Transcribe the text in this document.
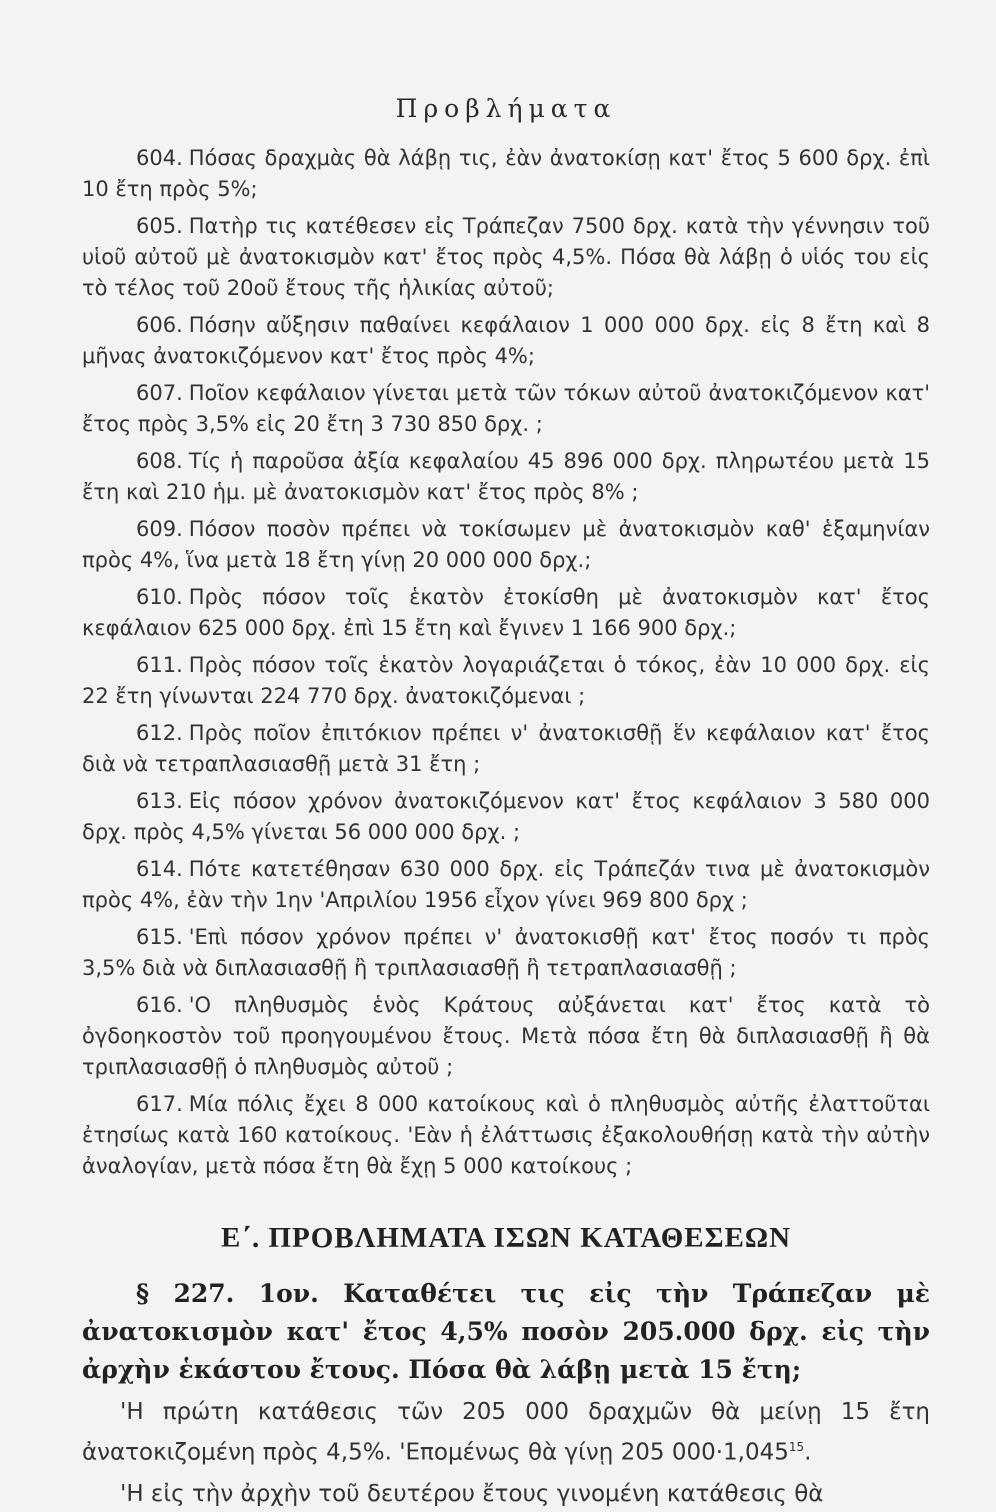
Προβλήματα

604. Πόσας δραχμὰς θὰ λάβῃ τις, ἐὰν ἀνατοκίσῃ κατ' ἔτος 5 600 δρχ. ἐπὶ 10 ἔτη πρὸς 5%;

605. Πατὴρ τις κατέθεσεν εἰς Τράπεζαν 7500 δρχ. κατὰ τὴν γέννησιν τοῦ υἱοῦ αὐτοῦ μὲ ἀνατοκισμὸν κατ' ἔτος πρὸς 4,5%. Πόσα θὰ λάβῃ ὁ υἱός του εἰς τὸ τέλος τοῦ 20οῦ ἔτους τῆς ἡλικίας αὐτοῦ;

606. Πόσην αὔξησιν παθαίνει κεφάλαιον 1 000 000 δρχ. εἰς 8 ἔτη καὶ 8 μῆνας ἀνατοκιζόμενον κατ' ἔτος πρὸς 4%;

607. Ποῖον κεφάλαιον γίνεται μετὰ τῶν τόκων αὐτοῦ ἀνατοκιζόμενον κατ' ἔτος πρὸς 3,5% εἰς 20 ἔτη 3 730 850 δρχ. ;

608. Τίς ἡ παροῦσα ἀξία κεφαλαίου 45 896 000 δρχ. πληρωτέου μετὰ 15 ἔτη καὶ 210 ἡμ. μὲ ἀνατοκισμὸν κατ' ἔτος πρὸς 8% ;

609. Πόσον ποσὸν πρέπει νὰ τοκίσωμεν μὲ ἀνατοκισμὸν καθ' ἑξαμηνίαν πρὸς 4%, ἵνα μετὰ 18 ἔτη γίνῃ 20 000 000 δρχ.;

610. Πρὸς πόσον τοῖς ἑκατὸν ἐτοκίσθη μὲ ἀνατοκισμὸν κατ' ἔτος κεφάλαιον 625 000 δρχ. ἐπὶ 15 ἔτη καὶ ἔγινεν 1 166 900 δρχ.;

611. Πρὸς πόσον τοῖς ἑκατὸν λογαριάζεται ὁ τόκος, ἐὰν 10 000 δρχ. εἰς 22 ἔτη γίνωνται 224 770 δρχ. ἀνατοκιζόμεναι ;

612. Πρὸς ποῖον ἐπιτόκιον πρέπει ν' ἀνατοκισθῇ ἕν κεφάλαιον κατ' ἔτος διὰ νὰ τετραπλασιασθῇ μετὰ 31 ἔτη ;

613. Εἰς πόσον χρόνον ἀνατοκιζόμενον κατ' ἔτος κεφάλαιον 3 580 000 δρχ. πρὸς 4,5% γίνεται 56 000 000 δρχ. ;

614. Πότε κατετέθησαν 630 000 δρχ. εἰς Τράπεζάν τινα μὲ ἀνατοκισμὸν πρὸς 4%, ἐὰν τὴν 1ην 'Απριλίου 1956 εἶχον γίνει 969 800 δρχ ;

615. 'Επὶ πόσον χρόνον πρέπει ν' ἀνατοκισθῇ κατ' ἔτος ποσόν τι πρὸς 3,5% διὰ νὰ διπλασιασθῇ ἢ τριπλασιασθῇ ἢ τετραπλασιασθῇ ;

616. 'Ο πληθυσμὸς ἑνὸς Κράτους αὐξάνεται κατ' ἔτος κατὰ τὸ ὀγδοηκοστὸν τοῦ προηγουμένου ἔτους. Μετὰ πόσα ἔτη θὰ διπλασιασθῇ ἢ θὰ τριπλασιασθῇ ὁ πληθυσμὸς αὐτοῦ ;

617. Μία πόλις ἔχει 8 000 κατοίκους καὶ ὁ πληθυσμὸς αὐτῆς ἐλαττοῦται ἐτησίως κατὰ 160 κατοίκους. 'Εὰν ἡ ἐλάττωσις ἐξακολουθήσῃ κατὰ τὴν αὐτὴν ἀναλογίαν, μετὰ πόσα ἔτη θὰ ἔχῃ 5 000 κατοίκους ;

Ε΄. ΠΡΟΒΛΗΜΑΤΑ ΙΣΩΝ ΚΑΤΑΘΕΣΕΩΝ

§ 227. 1ον. Καταθέτει τις εἰς τὴν Τράπεζαν μὲ ἀνατοκισμὸν κατ' ἔτος 4,5% ποσὸν 205.000 δρχ. εἰς τὴν ἀρχὴν ἑκάστου ἔτους. Πόσα θὰ λάβῃ μετὰ 15 ἔτη;

'Η πρώτη κατάθεσις τῶν 205 000 δραχμῶν θὰ μείνῃ 15 ἔτη ἀνατοκιζομένη πρὸς 4,5%. 'Επομένως θὰ γίνῃ 205 $000\cdot 1,045^{15}$.

'Η εἰς τὴν ἀρχὴν τοῦ δευτέρου ἔτους γινομένη κατάθεσις θὰ
